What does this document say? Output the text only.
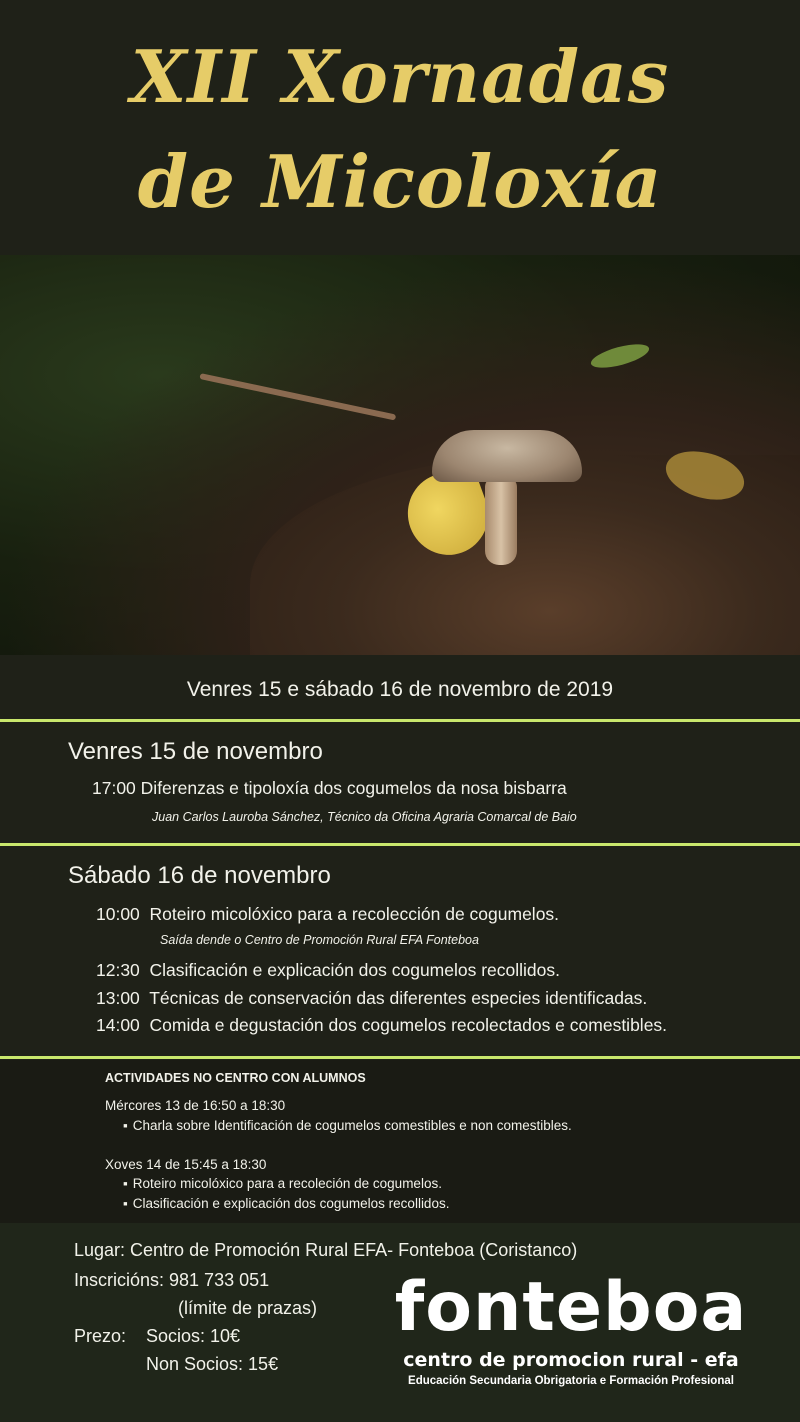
XII Xornadas
de Micoloxía
Venres 15 e sábado 16 de novembro de 2019
Venres 15 de novembro
17:00 Diferenzas e tipoloxía dos cogumelos da nosa bisbarra
Juan Carlos Lauroba Sánchez, Técnico da Oficina Agraria Comarcal de Baio
Sábado 16 de novembro
10:00 Roteiro micolóxico para a recolección de cogumelos.
Saída dende o Centro de Promoción Rural EFA Fonteboa
12:30 Clasificación e explicación dos cogumelos recollidos.
13:00 Técnicas de conservación das diferentes especies identificadas.
14:00 Comida e degustación dos cogumelos recolectados e comestibles.
ACTIVIDADES NO CENTRO CON ALUMNOS
Mércores 13 de 16:50 a 18:30
▪ Charla sobre Identificación de cogumelos comestibles e non comestibles.
Xoves 14 de 15:45 a 18:30
▪ Roteiro micolóxico para a recoleción de cogumelos.
▪ Clasificación e explicación dos cogumelos recollidos.
Lugar: Centro de Promoción Rural EFA- Fonteboa (Coristanco)
Inscricións: 981 733 051
(límite de prazas)
Prezo: Socios: 10€
Non Socios: 15€
fonteboa
centro de promocion rural - efa
Educación Secundaria Obrigatoria e Formación Profesional
